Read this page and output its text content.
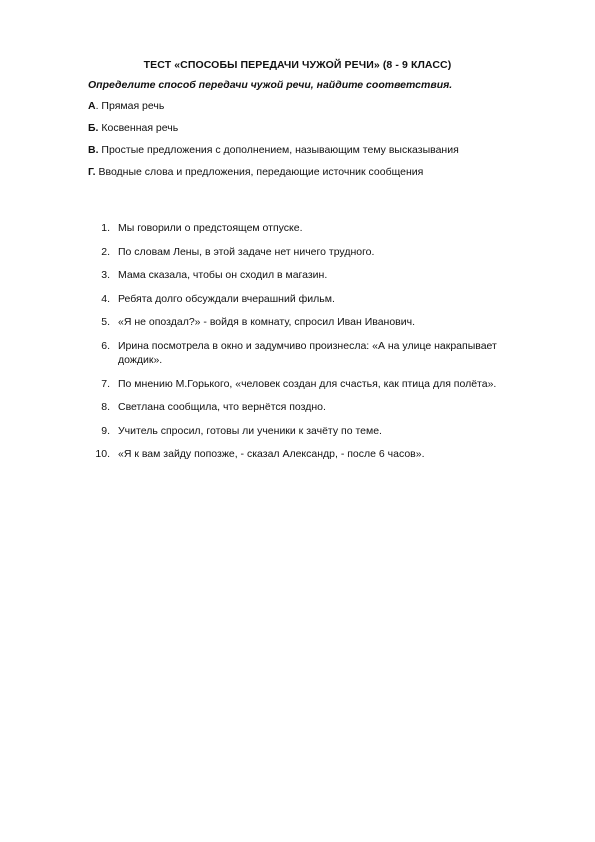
ТЕСТ «СПОСОБЫ ПЕРЕДАЧИ ЧУЖОЙ РЕЧИ» (8 - 9 КЛАСС)
Определите способ передачи чужой речи, найдите соответствия.
А. Прямая речь
Б. Косвенная речь
В. Простые предложения с дополнением, называющим тему высказывания
Г. Вводные слова и предложения, передающие источник сообщения
1. Мы говорили о предстоящем отпуске.
2. По словам Лены, в этой задаче нет ничего трудного.
3. Мама сказала, чтобы он сходил в магазин.
4. Ребята долго обсуждали вчерашний фильм.
5. «Я не опоздал?» - войдя в комнату, спросил Иван Иванович.
6. Ирина посмотрела в окно и задумчиво произнесла: «А на улице накрапывает дождик».
7. По мнению М.Горького, «человек создан для счастья, как птица для полёта».
8. Светлана сообщила, что вернётся поздно.
9. Учитель спросил, готовы ли ученики к зачёту по теме.
10. «Я к вам зайду попозже, - сказал Александр, - после 6 часов».
